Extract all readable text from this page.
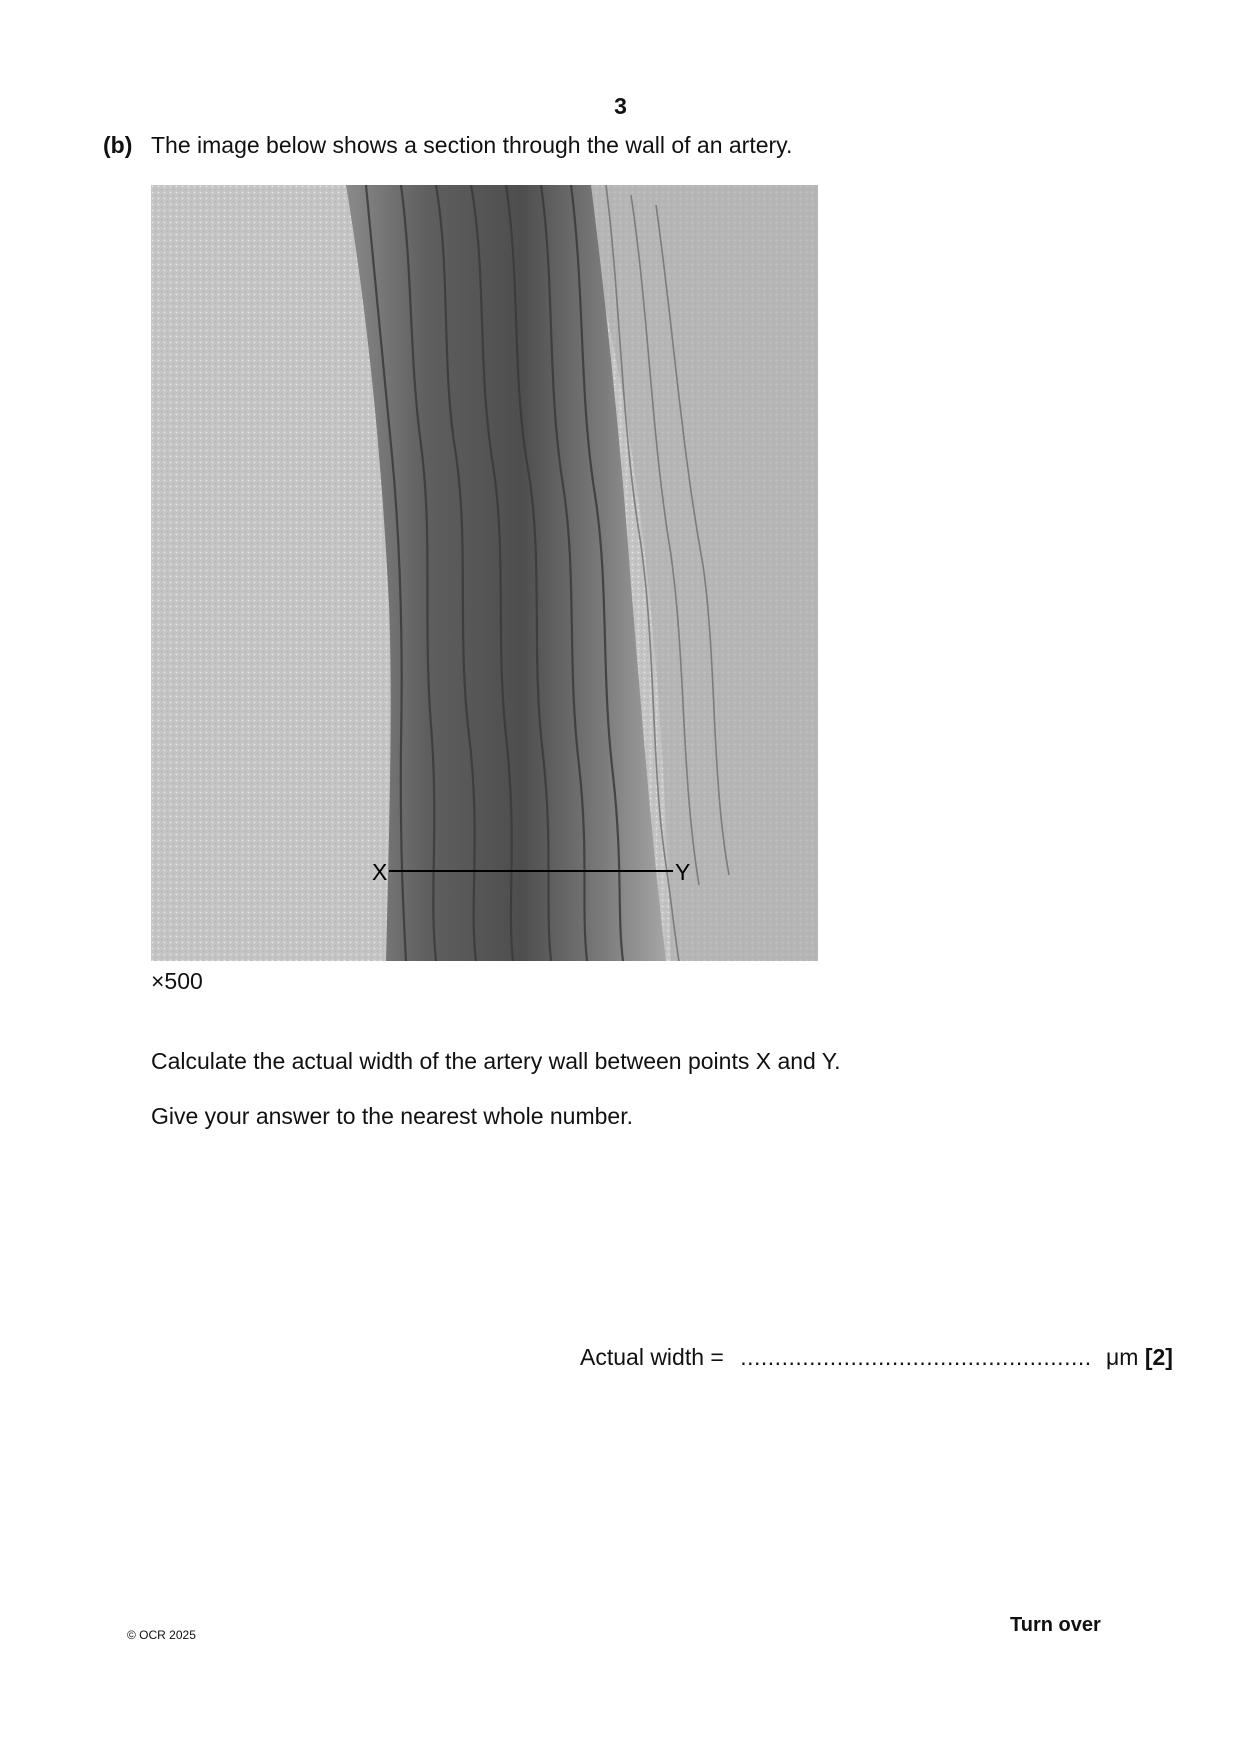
3
(b) The image below shows a section through the wall of an artery.
X	Y
×500
Calculate the actual width of the artery wall between points X and Y.
Give your answer to the nearest whole number.
Actual width = ................................................... μm [2]
© OCR 2025	Turn over
